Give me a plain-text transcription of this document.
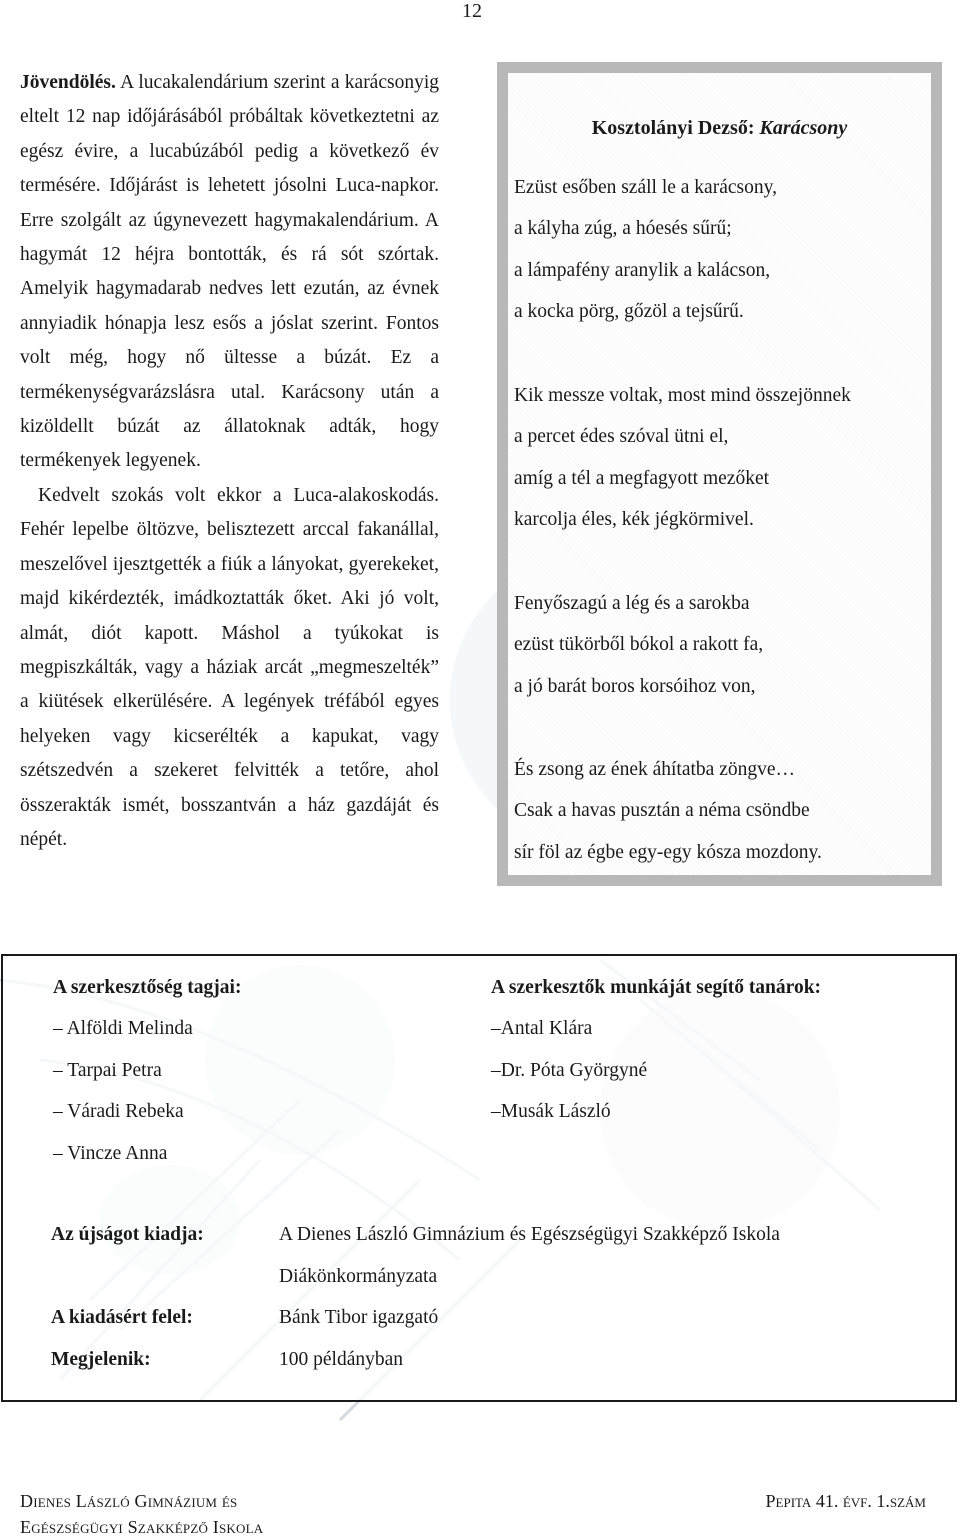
12

Jövendölés. A lucakalendárium szerint a karácsonyig eltelt 12 nap időjárásából próbáltak következtetni az egész évire, a lucabúzából pedig a következő év termésére. Időjárást is lehetett jósolni Luca-napkor. Erre szolgált az úgynevezett hagymakalendárium. A hagymát 12 héjra bontották, és rá sót szórtak. Amelyik hagymadarab nedves lett ezután, az évnek annyiadik hónapja lesz esős a jóslat szerint. Fontos volt még, hogy nő ültesse a búzát. Ez a termékenységvarázslásra utal. Karácsony után a kizöldellt búzát az állatoknak adták, hogy termékenyek legyenek.

Kedvelt szokás volt ekkor a Luca-alakoskodás. Fehér lepelbe öltözve, belisztezett arccal fakanállal, meszelővel ijesztgették a fiúk a lányokat, gyerekeket, majd kikérdezték, imádkoztatták őket. Aki jó volt, almát, diót kapott. Máshol a tyúkokat is megpiszkálták, vagy a háziak arcát „megmeszelték” a kiütések elkerülésére. A legények tréfából egyes helyeken vagy kicserélték a kapukat, vagy szétszedvén a szekeret felvitték a tetőre, ahol összerakták ismét, bosszantván a ház gazdáját és népét.

Kosztolányi Dezső: Karácsony
Ezüst esőben száll le a karácsony,
a kályha zúg, a hóesés sűrű;
a lámpafény aranylik a kalácson,
a kocka pörg, gőzöl a tejsűrű.
Kik messze voltak, most mind összejönnek
a percet édes szóval ütni el,
amíg a tél a megfagyott mezőket
karcolja éles, kék jégkörmivel.
Fenyőszagú a lég és a sarokba
ezüst tükörből bókol a rakott fa,
a jó barát boros korsóihoz von,
És zsong az ének áhítatba zöngve…
Csak a havas pusztán a néma csöndbe
sír föl az égbe egy-egy kósza mozdony.
A szerkesztőség tagjai:
– Alföldi Melinda
– Tarpai Petra
– Váradi Rebeka
– Vincze Anna
A szerkesztők munkáját segítő tanárok:
–Antal Klára
–Dr. Póta Györgyné
–Musák László
Az újságot kiadja:	A Dienes László Gimnázium és Egészségügyi Szakképző Iskola
Diákönkormányzata
A kiadásért felel:	Bánk Tibor igazgató
Megjelenik:	100 példányban
Dienes László Gimnázium és
Egészségügyi Szakképző Iskola
Pepita 41. évf. 1.szám
